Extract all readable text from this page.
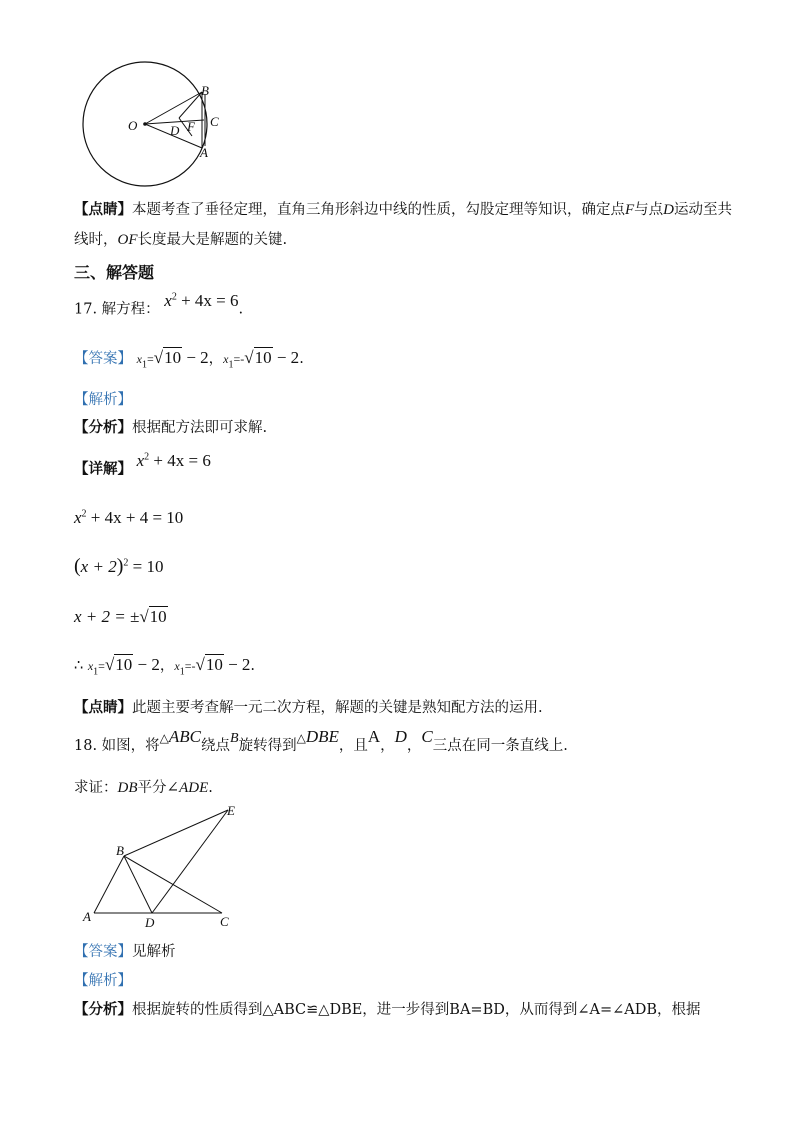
O
B
C
D F
A
【点睛】本题考查了垂径定理，直角三角形斜边中线的性质，勾股定理等知识，确定点F与点D运动至共
线时，OF长度最大是解题的关键.
三、解答题
17. 解方程： $x^2 + 4x = 6$.
【答案】 $x_1=√10 - 2$，$x_1=-√10 - 2$.
【解析】
【分析】根据配方法即可求解.
【详解】 $x^2 + 4x = 6$
$x^2 + 4x + 4 = 10$
$(x + 2)^2 = 10$
x + 2 = ±√10
∴ $x_1=√10 - 2$，$x_1=-√10 - 2$.
【点睛】此题主要考查解一元二次方程，解题的关键是熟知配方法的运用.
18. 如图，将△ABC绕点B旋转得到△DBE，且A，D，C三点在同一条直线上.
求证：DB平分∠ADE.
E
B
A	D	C
【答案】见解析
【解析】
【分析】根据旋转的性质得到△ABC≌△DBE，进一步得到BA=BD，从而得到∠A=∠ADB，根据
